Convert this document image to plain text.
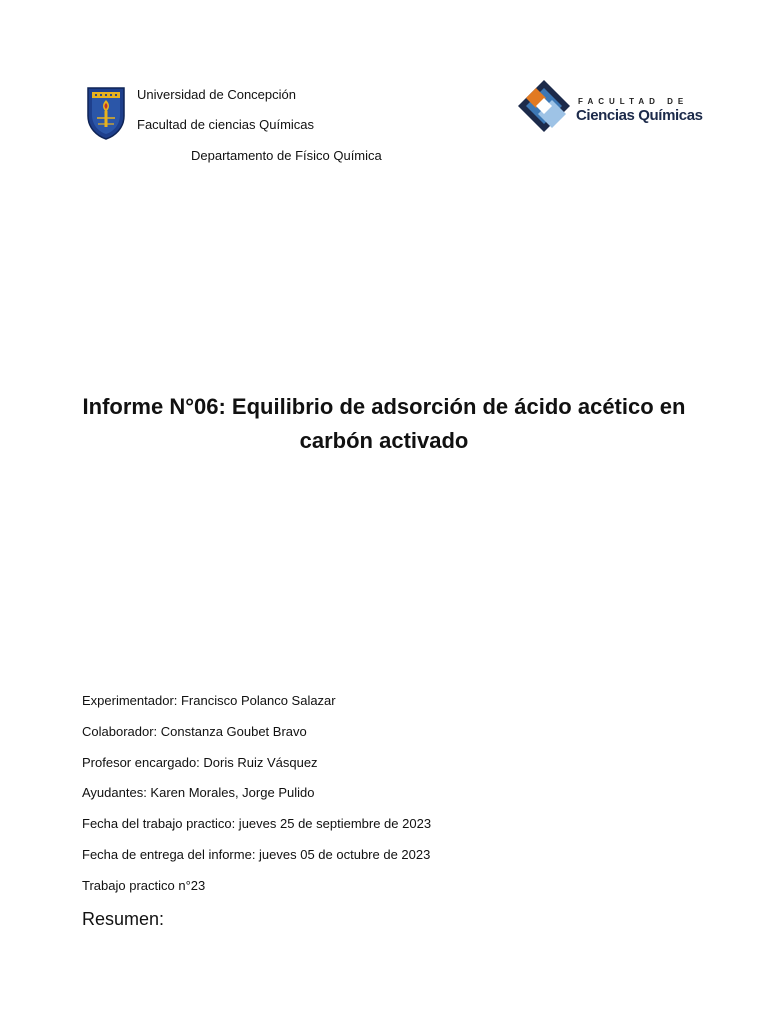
Universidad de Concepción
Facultad de ciencias Químicas
Departamento de Físico Química
FACULTAD DE
Ciencias Químicas
Informe N°06: Equilibrio de adsorción de ácido acético en
carbón activado
Experimentador: Francisco Polanco Salazar
Colaborador: Constanza Goubet Bravo
Profesor encargado: Doris Ruiz Vásquez
Ayudantes: Karen Morales, Jorge Pulido
Fecha del trabajo practico: jueves 25 de septiembre de 2023
Fecha de entrega del informe: jueves 05 de octubre de 2023
Trabajo practico n°23
Resumen:
